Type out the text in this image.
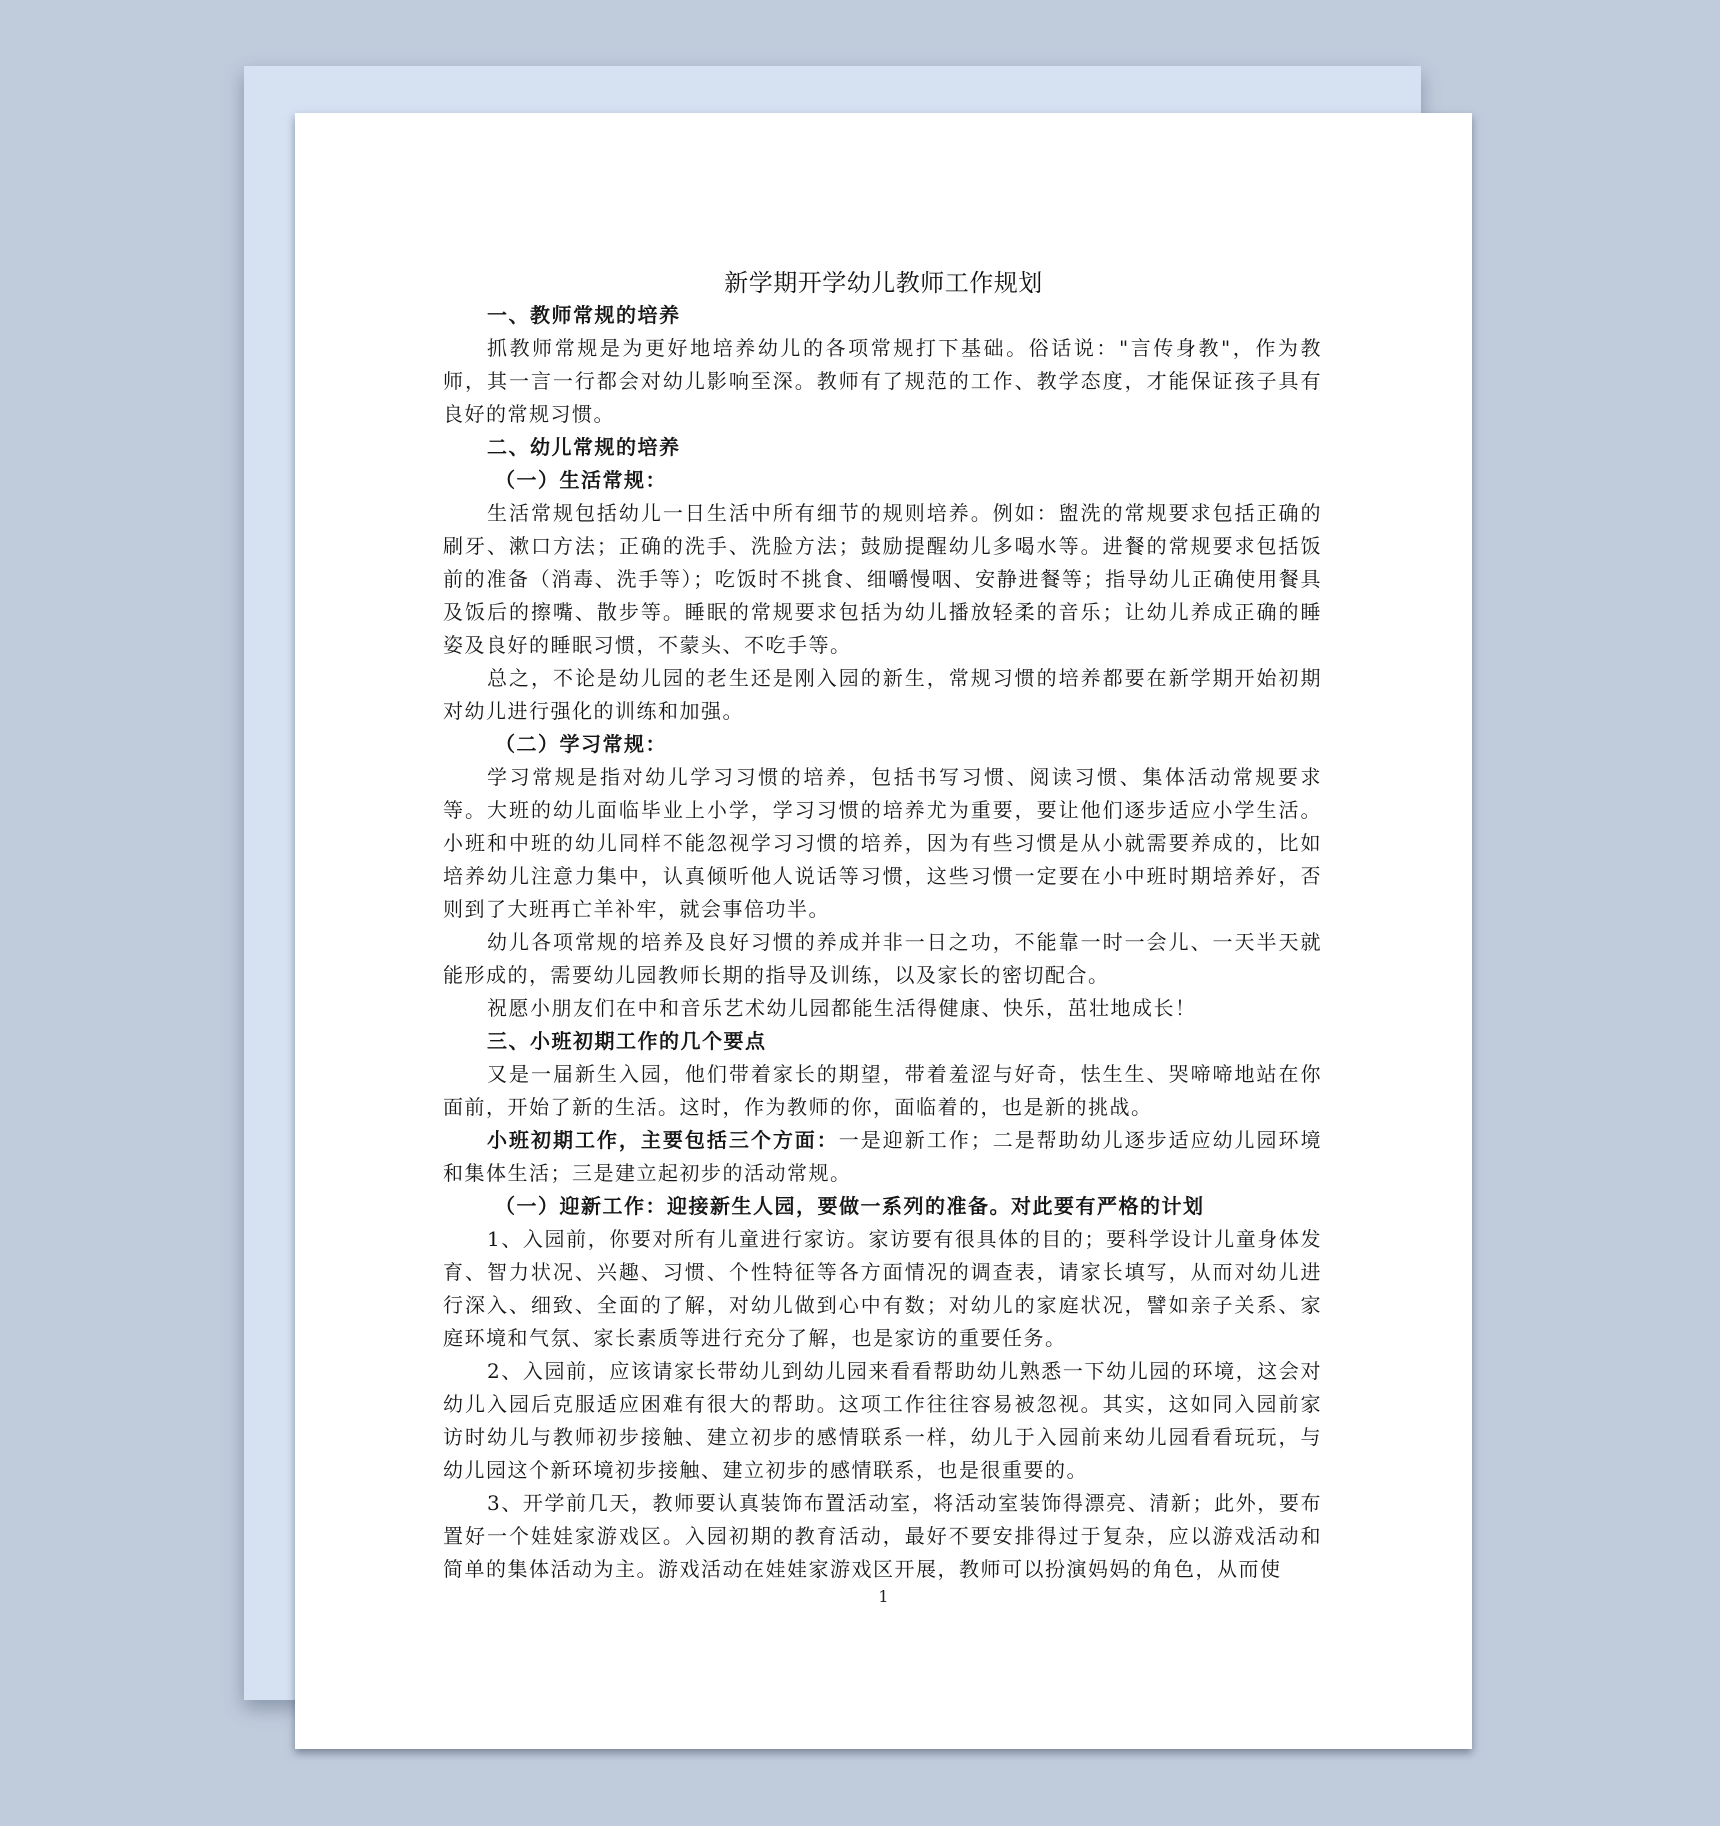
新学期开学幼儿教师工作规划

一、教师常规的培养

抓教师常规是为更好地培养幼儿的各项常规打下基础。俗话说："言传身教"，作为教师，其一言一行都会对幼儿影响至深。教师有了规范的工作、教学态度，才能保证孩子具有良好的常规习惯。

二、幼儿常规的培养

（一）生活常规：

生活常规包括幼儿一日生活中所有细节的规则培养。例如：盥洗的常规要求包括正确的刷牙、漱口方法；正确的洗手、洗脸方法；鼓励提醒幼儿多喝水等。进餐的常规要求包括饭前的准备（消毒、洗手等）；吃饭时不挑食、细嚼慢咽、安静进餐等；指导幼儿正确使用餐具及饭后的擦嘴、散步等。睡眠的常规要求包括为幼儿播放轻柔的音乐；让幼儿养成正确的睡姿及良好的睡眠习惯，不蒙头、不吃手等。

总之，不论是幼儿园的老生还是刚入园的新生，常规习惯的培养都要在新学期开始初期对幼儿进行强化的训练和加强。

（二）学习常规：

学习常规是指对幼儿学习习惯的培养，包括书写习惯、阅读习惯、集体活动常规要求等。大班的幼儿面临毕业上小学，学习习惯的培养尤为重要，要让他们逐步适应小学生活。小班和中班的幼儿同样不能忽视学习习惯的培养，因为有些习惯是从小就需要养成的，比如培养幼儿注意力集中，认真倾听他人说话等习惯，这些习惯一定要在小中班时期培养好，否则到了大班再亡羊补牢，就会事倍功半。

幼儿各项常规的培养及良好习惯的养成并非一日之功，不能靠一时一会儿、一天半天就能形成的，需要幼儿园教师长期的指导及训练，以及家长的密切配合。

祝愿小朋友们在中和音乐艺术幼儿园都能生活得健康、快乐，茁壮地成长！

三、小班初期工作的几个要点

又是一届新生入园，他们带着家长的期望，带着羞涩与好奇，怯生生、哭啼啼地站在你面前，开始了新的生活。这时，作为教师的你，面临着的，也是新的挑战。

小班初期工作，主要包括三个方面：一是迎新工作；二是帮助幼儿逐步适应幼儿园环境和集体生活；三是建立起初步的活动常规。

（一）迎新工作：迎接新生人园，要做一系列的准备。对此要有严格的计划

1、入园前，你要对所有儿童进行家访。家访要有很具体的目的；要科学设计儿童身体发育、智力状况、兴趣、习惯、个性特征等各方面情况的调查表，请家长填写，从而对幼儿进行深入、细致、全面的了解，对幼儿做到心中有数；对幼儿的家庭状况，譬如亲子关系、家庭环境和气氛、家长素质等进行充分了解，也是家访的重要任务。

2、入园前，应该请家长带幼儿到幼儿园来看看帮助幼儿熟悉一下幼儿园的环境，这会对幼儿入园后克服适应困难有很大的帮助。这项工作往往容易被忽视。其实，这如同入园前家访时幼儿与教师初步接触、建立初步的感情联系一样，幼儿于入园前来幼儿园看看玩玩，与幼儿园这个新环境初步接触、建立初步的感情联系，也是很重要的。

3、开学前几天，教师要认真装饰布置活动室，将活动室装饰得漂亮、清新；此外，要布置好一个娃娃家游戏区。入园初期的教育活动，最好不要安排得过于复杂，应以游戏活动和简单的集体活动为主。游戏活动在娃娃家游戏区开展，教师可以扮演妈妈的角色，从而使

1
